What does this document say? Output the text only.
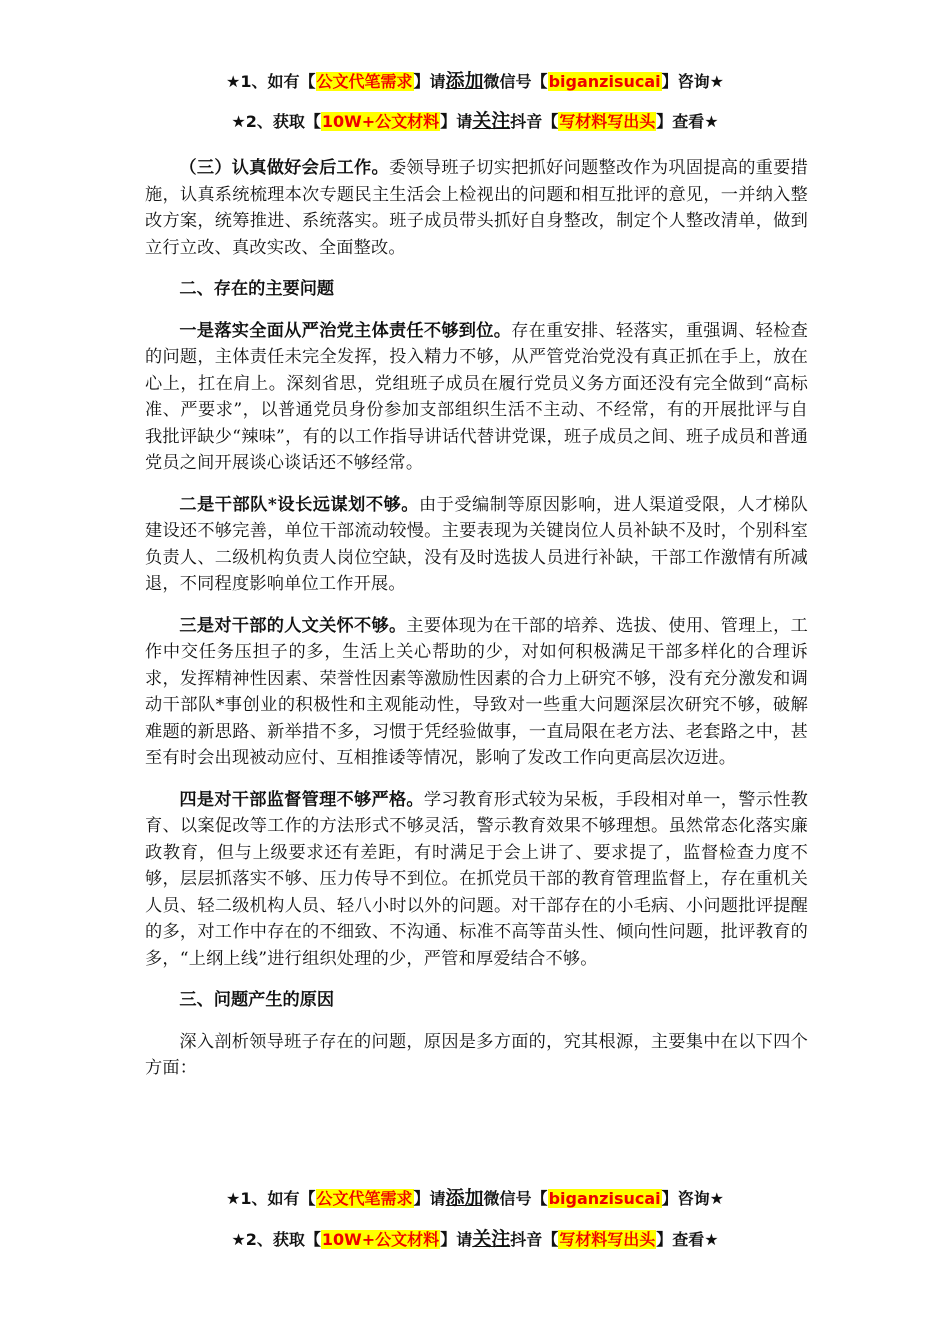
★1、如有【公文代笔需求】请添加微信号【biganzisucai】咨询★
★2、获取【10W+公文材料】请关注抖音【写材料写出头】查看★

（三）认真做好会后工作。委领导班子切实把抓好问题整改作为巩固提高的重要措施，认真系统梳理本次专题民主生活会上检视出的问题和相互批评的意见，一并纳入整改方案，统筹推进、系统落实。班子成员带头抓好自身整改，制定个人整改清单，做到立行立改、真改实改、全面整改。

二、存在的主要问题

一是落实全面从严治党主体责任不够到位。存在重安排、轻落实，重强调、轻检查的问题，主体责任未完全发挥，投入精力不够，从严管党治党没有真正抓在手上，放在心上，扛在肩上。深刻省思，党组班子成员在履行党员义务方面还没有完全做到“高标准、严要求”，以普通党员身份参加支部组织生活不主动、不经常，有的开展批评与自我批评缺少“辣味”，有的以工作指导讲话代替讲党课，班子成员之间、班子成员和普通党员之间开展谈心谈话还不够经常。

二是干部队*设长远谋划不够。由于受编制等原因影响，进人渠道受限，人才梯队建设还不够完善，单位干部流动较慢。主要表现为关键岗位人员补缺不及时，个别科室负责人、二级机构负责人岗位空缺，没有及时选拔人员进行补缺，干部工作激情有所减退，不同程度影响单位工作开展。

三是对干部的人文关怀不够。主要体现为在干部的培养、选拔、使用、管理上，工作中交任务压担子的多，生活上关心帮助的少，对如何积极满足干部多样化的合理诉求，发挥精神性因素、荣誉性因素等激励性因素的合力上研究不够，没有充分激发和调动干部队*事创业的积极性和主观能动性，导致对一些重大问题深层次研究不够，破解难题的新思路、新举措不多，习惯于凭经验做事，一直局限在老方法、老套路之中，甚至有时会出现被动应付、互相推诿等情况，影响了发改工作向更高层次迈进。

四是对干部监督管理不够严格。学习教育形式较为呆板，手段相对单一，警示性教育、以案促改等工作的方法形式不够灵活，警示教育效果不够理想。虽然常态化落实廉政教育，但与上级要求还有差距，有时满足于会上讲了、要求提了，监督检查力度不够，层层抓落实不够、压力传导不到位。在抓党员干部的教育管理监督上，存在重机关人员、轻二级机构人员、轻八小时以外的问题。对干部存在的小毛病、小问题批评提醒的多，对工作中存在的不细致、不沟通、标准不高等苗头性、倾向性问题，批评教育的多，“上纲上线”进行组织处理的少，严管和厚爱结合不够。

三、问题产生的原因

深入剖析领导班子存在的问题，原因是多方面的，究其根源，主要集中在以下四个方面：

★1、如有【公文代笔需求】请添加微信号【biganzisucai】咨询★
★2、获取【10W+公文材料】请关注抖音【写材料写出头】查看★
